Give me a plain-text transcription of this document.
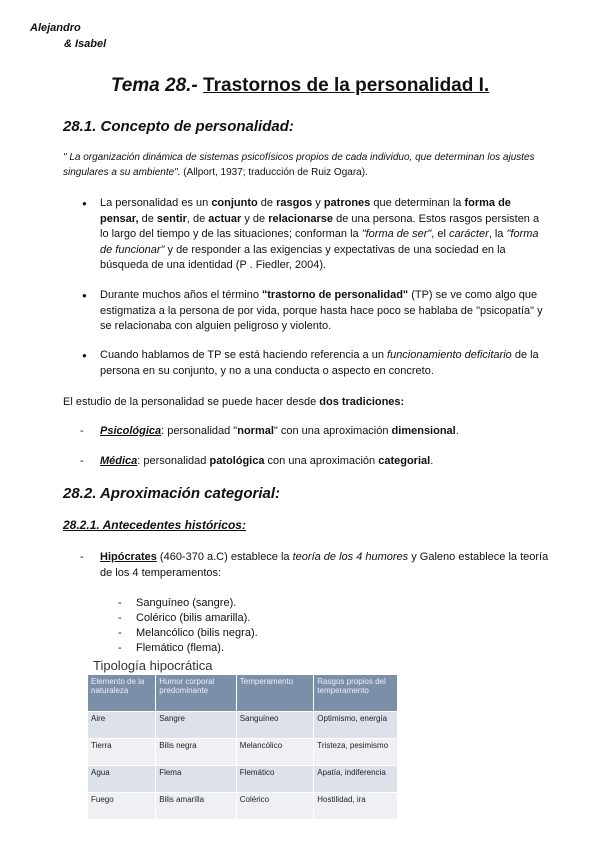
Alejandro
& Isabel
Tema 28.- Trastornos de la personalidad I.
28.1. Concepto de personalidad:
" La organización dinámica de sistemas psicofísicos propios de cada individuo, que determinan los ajustes singulares a su ambiente". (Allport, 1937; traducción de Ruiz Ogara).
● La personalidad es un conjunto de rasgos y patrones que determinan la forma de pensar, de sentir, de actuar y de relacionarse de una persona. Estos rasgos persisten a lo largo del tiempo y de las situaciones; conforman la "forma de ser", el carácter, la "forma de funcionar" y de responder a las exigencias y expectativas de una sociedad en la búsqueda de una identidad (P . Fiedler, 2004).
● Durante muchos años el término "trastorno de personalidad" (TP) se ve como algo que estigmatiza a la persona de por vida, porque hasta hace poco se hablaba de "psicopatía" y se relacionaba con alguien peligroso y violento.
● Cuando hablamos de TP se está haciendo referencia a un funcionamiento deficitario de la persona en su conjunto, y no a una conducta o aspecto en concreto.
El estudio de la personalidad se puede hacer desde dos tradiciones:
- Psicológica: personalidad "normal" con una aproximación dimensional.
- Médica: personalidad patológica con una aproximación categorial.
28.2. Aproximación categorial:
28.2.1. Antecedentes históricos:
- Hipócrates (460-370 a.C) establece la teoría de los 4 humores y Galeno establece la teoría de los 4 temperamentos:
- Sanguíneo (sangre).
- Colérico (bilis amarilla).
- Melancólico (bilis negra).
- Flemático (flema).
Tipología hipocrática
Elemento de la naturaleza	Humor corporal predominante	Temperamento	Rasgos propios del temperamento
Aire	Sangre	Sanguíneo	Optimismo, energía
Tierra	Bilis negra	Melancólico	Tristeza, pesimismo
Agua	Flema	Flemático	Apatía, indiferencia
Fuego	Bilis amarilla	Colérico	Hostilidad, ira
